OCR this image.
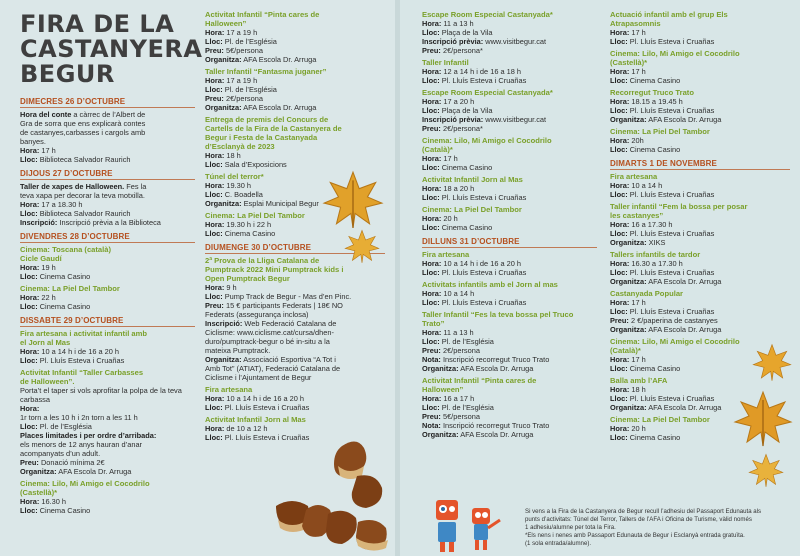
FIRA DE LA
CASTANYERA
BEGUR
DIMECRES 26 D’OCTUBRE
Hora del conte a càrrec de l’Albert de
Gra de sorra que ens explicarà contes
de castanyes,carbasses i cargols amb
banyes.
Hora: 17 h
Lloc: Biblioteca Salvador Raurich
DIJOUS 27 D’OCTUBRE
Taller de xapes de Halloween. Fes la
teva xapa per decorar la teva motxilla.
Hora: 17 a 18.30 h
Lloc: Biblioteca Salvador Raurich
Inscripció: Inscripció prèvia a la Biblioteca
DIVENDRES 28 D’OCTUBRE
Cinema: Toscana (català)
Cicle Gaudí
Hora: 19 h
Lloc: Cinema Casino
Cinema: La Piel Del Tambor
Hora: 22 h
Lloc: Cinema Casino
DISSABTE 29 D’OCTUBRE
Fira artesana i activitat infantil amb
el Jorn al Mas
Hora: 10 a 14 h i de 16 a 20 h
Lloc: Pl. Lluís Esteva i Cruañas
Activitat Infantil “Taller Carbasses
de Halloween”.
Porta’t el taper si vols aprofitar la polpa de la teva carbassa
Hora:
1r torn a les 10 h i 2n torn a les 11 h
Lloc: Pl. de l’Església
Places limitades i per ordre d’arribada:
els menors de 12 anys hauran d’anar
acompanyats d’un adult.
Preu: Donació mínima 2€
Organitza: AFA Escola Dr. Arruga
Cinema: Lilo, Mi Amigo el Cocodrilo
(Castellà)*
Hora: 16.30 h
Lloc: Cinema Casino
Activitat Infantil “Pinta cares de
Halloween”
Hora: 17 a 19 h
Lloc: Pl. de l’Església
Preu: 5€/persona
Organitza: AFA Escola Dr. Arruga
Taller Infantil “Fantasma juganer”
Hora: 17 a 19 h
Lloc: Pl. de l’Església
Preu: 2€/persona
Organitza: AFA Escola Dr. Arruga
Entrega de premis del Concurs de
Cartells de la Fira de la Castanyera de
Begur i Festa de la Castanyada
d’Esclanyà de 2023
Hora: 18 h
Lloc: Sala d’Exposicions
Túnel del terror*
Hora: 19.30 h
Lloc: C. Boadella
Organitza: Esplai Municipal Begur
Cinema: La Piel Del Tambor
Hora: 19.30 h i 22 h
Lloc: Cinema Casino
DIUMENGE 30 D’OCTUBRE
2ª Prova de la Lliga Catalana de
Pumptrack 2022 Mini Pumptrack kids i
Open Pumptrack Begur
Hora: 9 h
Lloc: Pump Track de Begur - Mas d’en Pinc.
Preu: 15 € participants Federats | 18€ NO
Federats (assegurança inclosa)
Inscripció: Web Federació Catalana de
Ciclisme: www.ciclisme.cat/cursa/dhen-
duro/pumptrack-begur o bé in-situ a la
mateixa Pumptrack.
Organitza: Associació Esportiva “A Tot i
Amb Tot” (ATIAT), Federació Catalana de
Ciclisme i l’Ajuntament de Begur
Fira artesana
Hora: 10 a 14 h i de 16 a 20 h
Lloc: Pl. Lluís Esteva i Cruañas
Activitat Infantil Jorn al Mas
Hora: de 10 a 12 h
Lloc: Pl. Lluís Esteva i Cruañas
Escape Room Especial Castanyada*
Hora: 11 a 13 h
Lloc: Plaça de la Vila
Inscripció prèvia: www.visitbegur.cat
Preu: 2€/persona*
Taller Infantil
Hora: 12 a 14 h i de 16 a 18 h
Lloc: Pl. Lluís Esteva i Cruañas
Escape Room Especial Castanyada*
Hora: 17 a 20 h
Lloc: Plaça de la Vila
Inscripció prèvia: www.visitbegur.cat
Preu: 2€/persona*
Cinema: Lilo, Mi Amigo el Cocodrilo
(Català)*
Hora: 17 h
Lloc: Cinema Casino
Activitat Infantil Jorn al Mas
Hora: 18 a 20 h
Lloc: Pl. Lluís Esteva i Cruañas
Cinema: La Piel Del Tambor
Hora: 20 h
Lloc: Cinema Casino
DILLUNS 31 D’OCTUBRE
Fira artesana
Hora: 10 a 14 h i de 16 a 20 h
Lloc: Pl. Lluís Esteva i Cruañas
Activitats infantils amb el Jorn al mas
Hora: 10 a 14 h
Lloc: Pl. Lluís Esteva i Cruañas
Taller Infantil “Fes la teva bossa pel Truco
Trato”
Hora: 11 a 13 h
Lloc: Pl. de l’Església
Preu: 2€/persona
Nota: Inscripció recorregut Truco Trato
Organitza: AFA Escola Dr. Arruga
Activitat Infantil “Pinta cares de
Halloween”
Hora: 16 a 17 h
Lloc: Pl. de l’Església
Preu: 5€/persona
Nota: Inscripció recorregut Truco Trato
Organitza: AFA Escola Dr. Arruga
Actuació infantil amb el grup Els
Atrapasomnis
Hora: 17 h
Lloc: Pl. Lluís Esteva i Cruañas
Cinema: Lilo, Mi Amigo el Cocodrilo
(Castellà)*
Hora: 17 h
Lloc: Cinema Casino
Recorregut Truco Trato
Hora: 18.15 a 19.45 h
Lloc: Pl. Lluís Esteva i Cruañas
Organitza: AFA Escola Dr. Arruga
Cinema: La Piel Del Tambor
Hora: 20h
Lloc: Cinema Casino
DIMARTS 1 DE NOVEMBRE
Fira artesana
Hora: 10 a 14 h
Lloc: Pl. Lluís Esteva i Cruañas
Taller infantil “Fem la bossa per posar
les castanyes”
Hora: 16 a 17.30 h
Lloc: Pl. Lluís Esteva i Cruañas
Organitza: XIKS
Tallers infantils de tardor
Hora: 16.30 a 17.30 h
Lloc: Pl. Lluís Esteva i Cruañas
Organitza: AFA Escola Dr. Arruga
Castanyada Popular
Hora: 17 h
Lloc: Pl. Lluís Esteva i Cruañas
Preu: 2 €/paperina de castanyes
Organitza: AFA Escola Dr. Arruga
Cinema: Lilo, Mi Amigo el Cocodrilo
(Català)*
Hora: 17 h
Lloc: Cinema Casino
Balla amb l’AFA
Hora: 18 h
Lloc: Pl. Lluís Esteva i Cruañas
Organitza: AFA Escola Dr. Arruga
Cinema: La Piel Del Tambor
Hora: 20 h
Lloc: Cinema Casino
Si vens a la Fira de la Castanyera de Begur recull l’adhesiu del Passaport Edunauta als
punts d’activitats: Túnel del Terror, Tallers de l’AFA i Oficina de Turisme, vàlid només
1 adhesiu/alumne per tota la Fira.
*Els nens i nenes amb Passaport Edunauta de Begur i Esclanyà entrada gratuïta.
(1 sola entrada/alumne).
